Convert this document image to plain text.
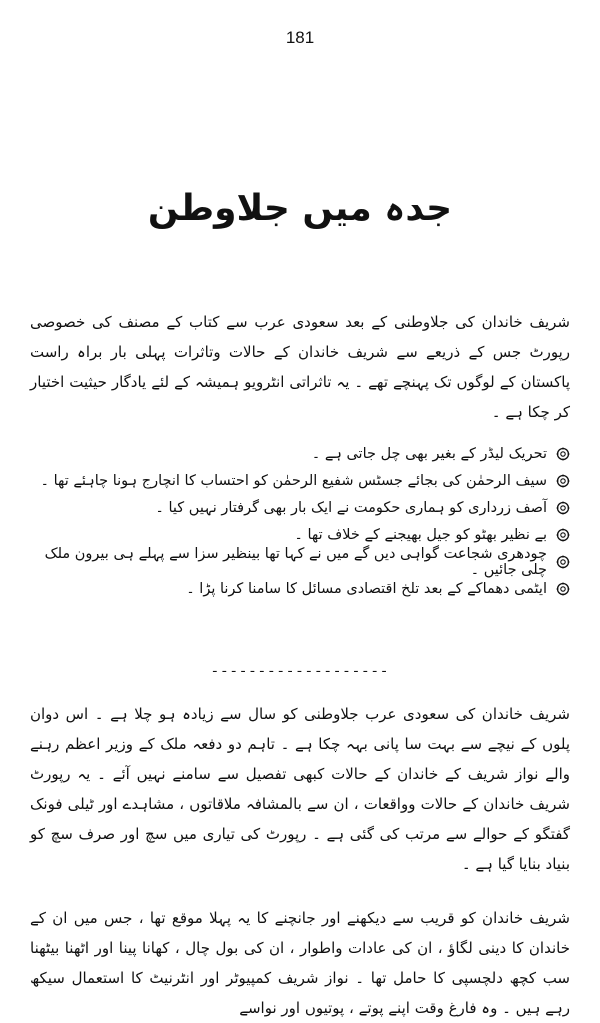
181
جدہ میں جلاوطن

شریف خاندان کی جلاوطنی کے بعد سعودی عرب سے کتاب کے مصنف کی خصوصی رپورٹ جس کے ذریعے سے شریف خاندان کے حالات وتاثرات پہلی بار براہ راست پاکستان کے لوگوں تک پہنچے تھے ۔ یہ تاثراتی انٹرویو ہمیشہ کے لئے یادگار حیثیت اختیار کر چکا ہے ۔

تحریک لیڈر کے بغیر بھی چل جاتی ہے ۔
سیف الرحمٰن کی بجائے جسٹس شفیع الرحمٰن کو احتساب کا انچارج ہونا چاہئے تھا ۔
آصف زرداری کو ہماری حکومت نے ایک بار بھی گرفتار نہیں کیا ۔
بے نظیر بھٹو کو جیل بھیجنے کے خلاف تھا ۔
چودھری شجاعت گواہی دیں گے میں نے کہا تھا بینظیر سزا سے پہلے ہی بیرون ملک چلی جائیں ۔
ایٹمی دھماکے کے بعد تلخ اقتصادی مسائل کا سامنا کرنا پڑا ۔
-------------------

شریف خاندان کی سعودی عرب جلاوطنی کو سال سے زیادہ ہو چلا ہے ۔ اس دوان پلوں کے نیچے سے بہت سا پانی بہہ چکا ہے ۔ تاہم دو دفعہ ملک کے وزیر اعظم رہنے والے نواز شریف کے خاندان کے حالات کبھی تفصیل سے سامنے نہیں آئے ۔ یہ رپورٹ شریف خاندان کے حالات وواقعات ، ان سے بالمشافہ ملاقاتوں ، مشاہدے اور ٹیلی فونک گفتگو کے حوالے سے مرتب کی گئی ہے ۔ رپورٹ کی تیاری میں سچ اور صرف سچ کو بنیاد بنایا گیا ہے ۔

شریف خاندان کو قریب سے دیکھنے اور جانچنے کا یہ پہلا موقع تھا ، جس میں ان کے خاندان کا دینی لگاؤ ، ان کی عادات واطوار ، ان کی بول چال ، کھانا پینا اور اٹھنا بیٹھنا سب کچھ دلچسپی کا حامل تھا ۔ نواز شریف کمپیوٹر اور انٹرنیٹ کا استعمال سیکھ رہے ہیں ۔ وہ فارغ وقت اپنے پوتے ، پوتیوں اور نواسے
